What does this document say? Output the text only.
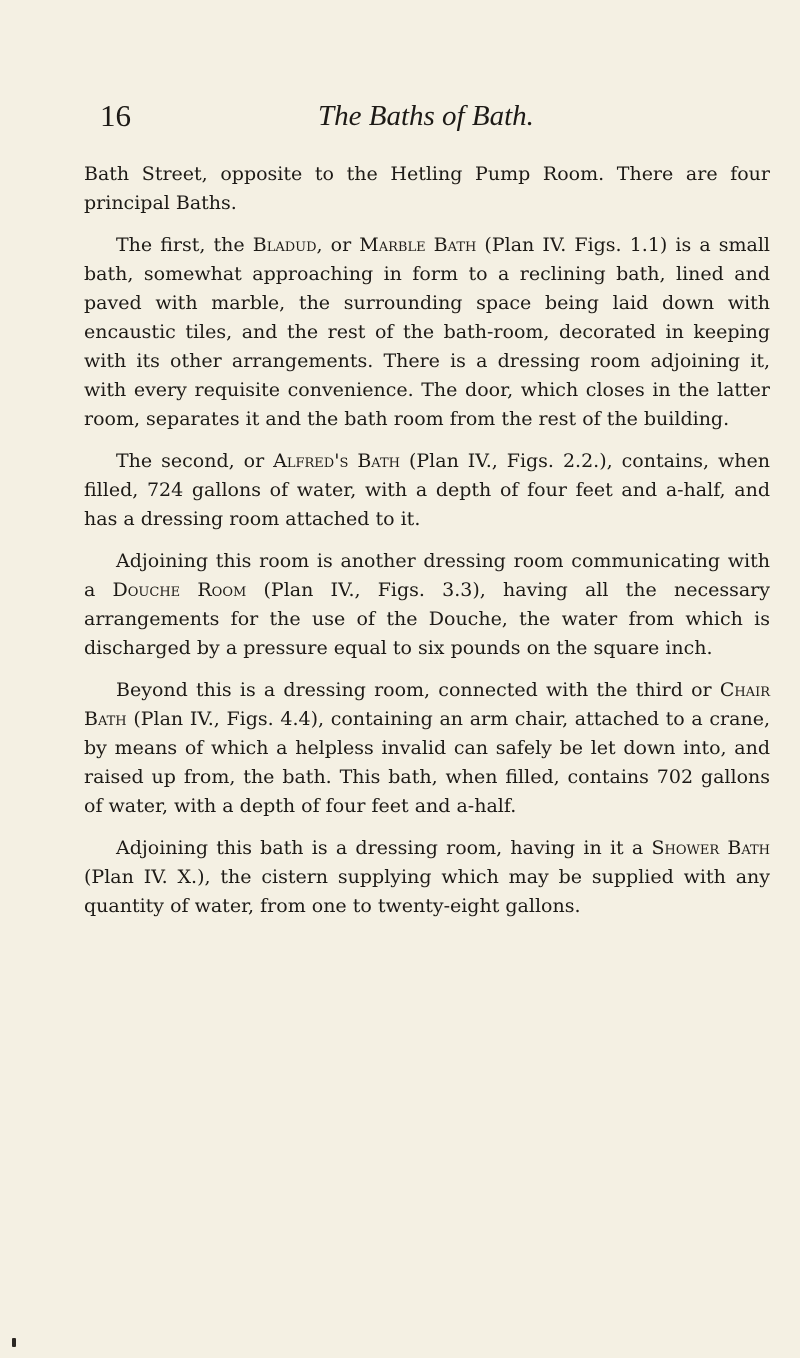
16	The Baths of Bath.

Bath Street, opposite to the Hetling Pump Room. There are four principal Baths.

The first, the Bladud, or Marble Bath (Plan IV. Figs. 1.1) is a small bath, somewhat approaching in form to a reclining bath, lined and paved with marble, the surrounding space being laid down with encaustic tiles, and the rest of the bath-room, decorated in keeping with its other arrangements. There is a dressing room adjoining it, with every requisite convenience. The door, which closes in the latter room, separates it and the bath room from the rest of the building.

The second, or Alfred's Bath (Plan IV., Figs. 2.2.), contains, when filled, 724 gallons of water, with a depth of four feet and a-half, and has a dressing room attached to it.

Adjoining this room is another dressing room communicating with a Douche Room (Plan IV., Figs. 3.3), having all the necessary arrangements for the use of the Douche, the water from which is discharged by a pressure equal to six pounds on the square inch.

Beyond this is a dressing room, connected with the third or Chair Bath (Plan IV., Figs. 4.4), containing an arm chair, attached to a crane, by means of which a helpless invalid can safely be let down into, and raised up from, the bath. This bath, when filled, contains 702 gallons of water, with a depth of four feet and a-half.

Adjoining this bath is a dressing room, having in it a Shower Bath (Plan IV. X.), the cistern supplying which may be supplied with any quantity of water, from one to twenty-eight gallons.
